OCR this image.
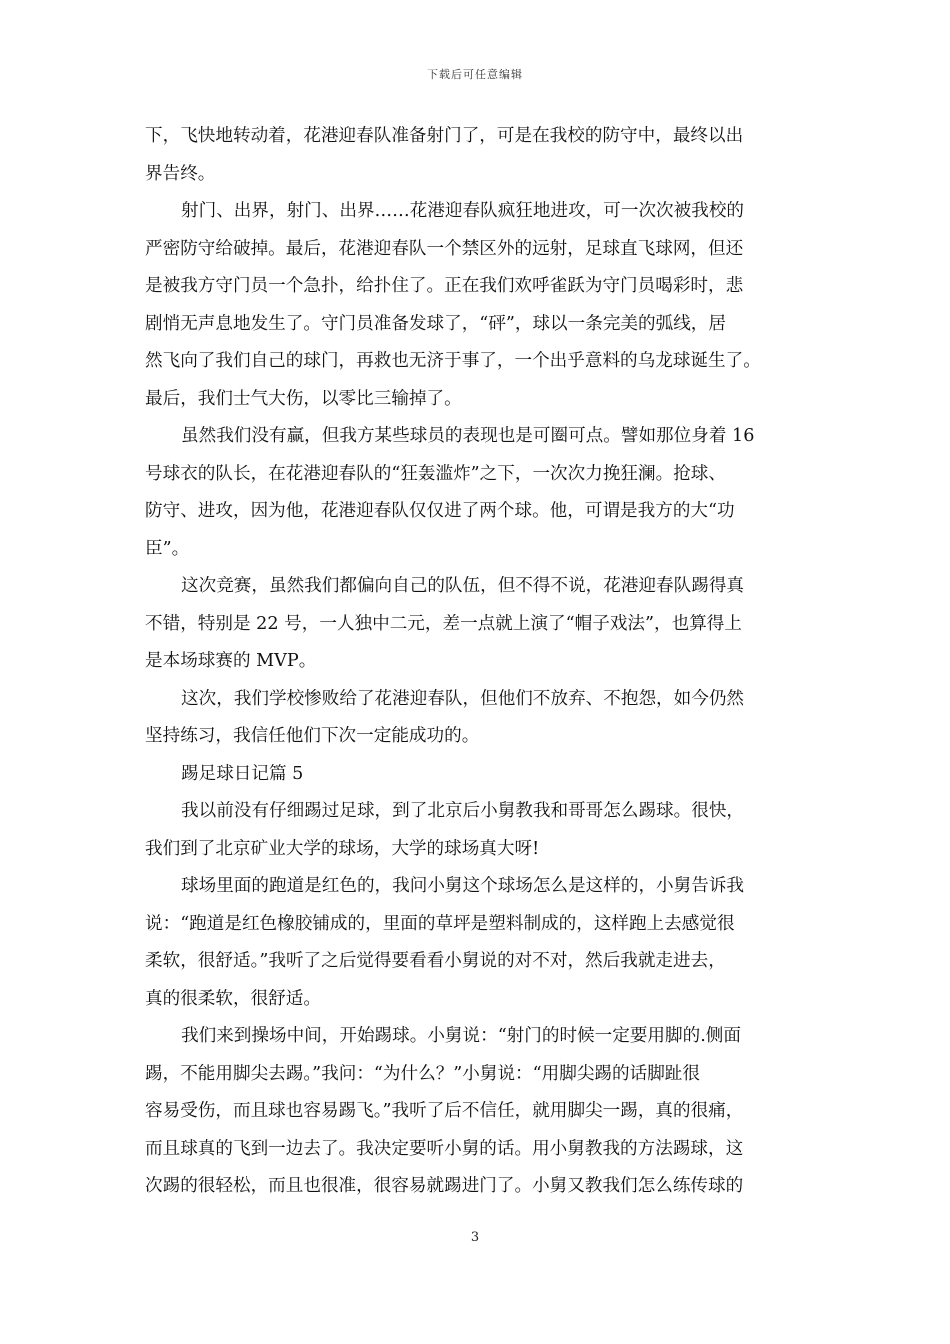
下载后可任意编辑
下，飞快地转动着，花港迎春队准备射门了，可是在我校的防守中，最终以出
界告终。
射门、出界，射门、出界……花港迎春队疯狂地进攻，可一次次被我校的
严密防守给破掉。最后，花港迎春队一个禁区外的远射，足球直飞球网，但还
是被我方守门员一个急扑，给扑住了。正在我们欢呼雀跃为守门员喝彩时，悲
剧悄无声息地发生了。守门员准备发球了，“砰”，球以一条完美的弧线，居
然飞向了我们自己的球门，再救也无济于事了，一个出乎意料的乌龙球诞生了。
最后，我们士气大伤，以零比三输掉了。
虽然我们没有赢，但我方某些球员的表现也是可圈可点。譬如那位身着 16
号球衣的队长，在花港迎春队的“狂轰滥炸”之下，一次次力挽狂澜。抢球、
防守、进攻，因为他，花港迎春队仅仅进了两个球。他，可谓是我方的大“功
臣”。
这次竞赛，虽然我们都偏向自己的队伍，但不得不说，花港迎春队踢得真
不错，特别是 22 号，一人独中二元，差一点就上演了“帽子戏法”，也算得上
是本场球赛的 MVP。
这次，我们学校惨败给了花港迎春队，但他们不放弃、不抱怨，如今仍然
坚持练习，我信任他们下次一定能成功的。
踢足球日记篇 5
我以前没有仔细踢过足球，到了北京后小舅教我和哥哥怎么踢球。很快，
我们到了北京矿业大学的球场，大学的球场真大呀!
球场里面的跑道是红色的，我问小舅这个球场怎么是这样的，小舅告诉我
说：“跑道是红色橡胶铺成的，里面的草坪是塑料制成的，这样跑上去感觉很
柔软，很舒适。”我听了之后觉得要看看小舅说的对不对，然后我就走进去，
真的很柔软，很舒适。
我们来到操场中间，开始踢球。小舅说：“射门的时候一定要用脚的.侧面
踢，不能用脚尖去踢。”我问：“为什么？”小舅说：“用脚尖踢的话脚趾很
容易受伤，而且球也容易踢飞。”我听了后不信任，就用脚尖一踢，真的很痛，
而且球真的飞到一边去了。我决定要听小舅的话。用小舅教我的方法踢球，这
次踢的很轻松，而且也很准，很容易就踢进门了。小舅又教我们怎么练传球的
3
